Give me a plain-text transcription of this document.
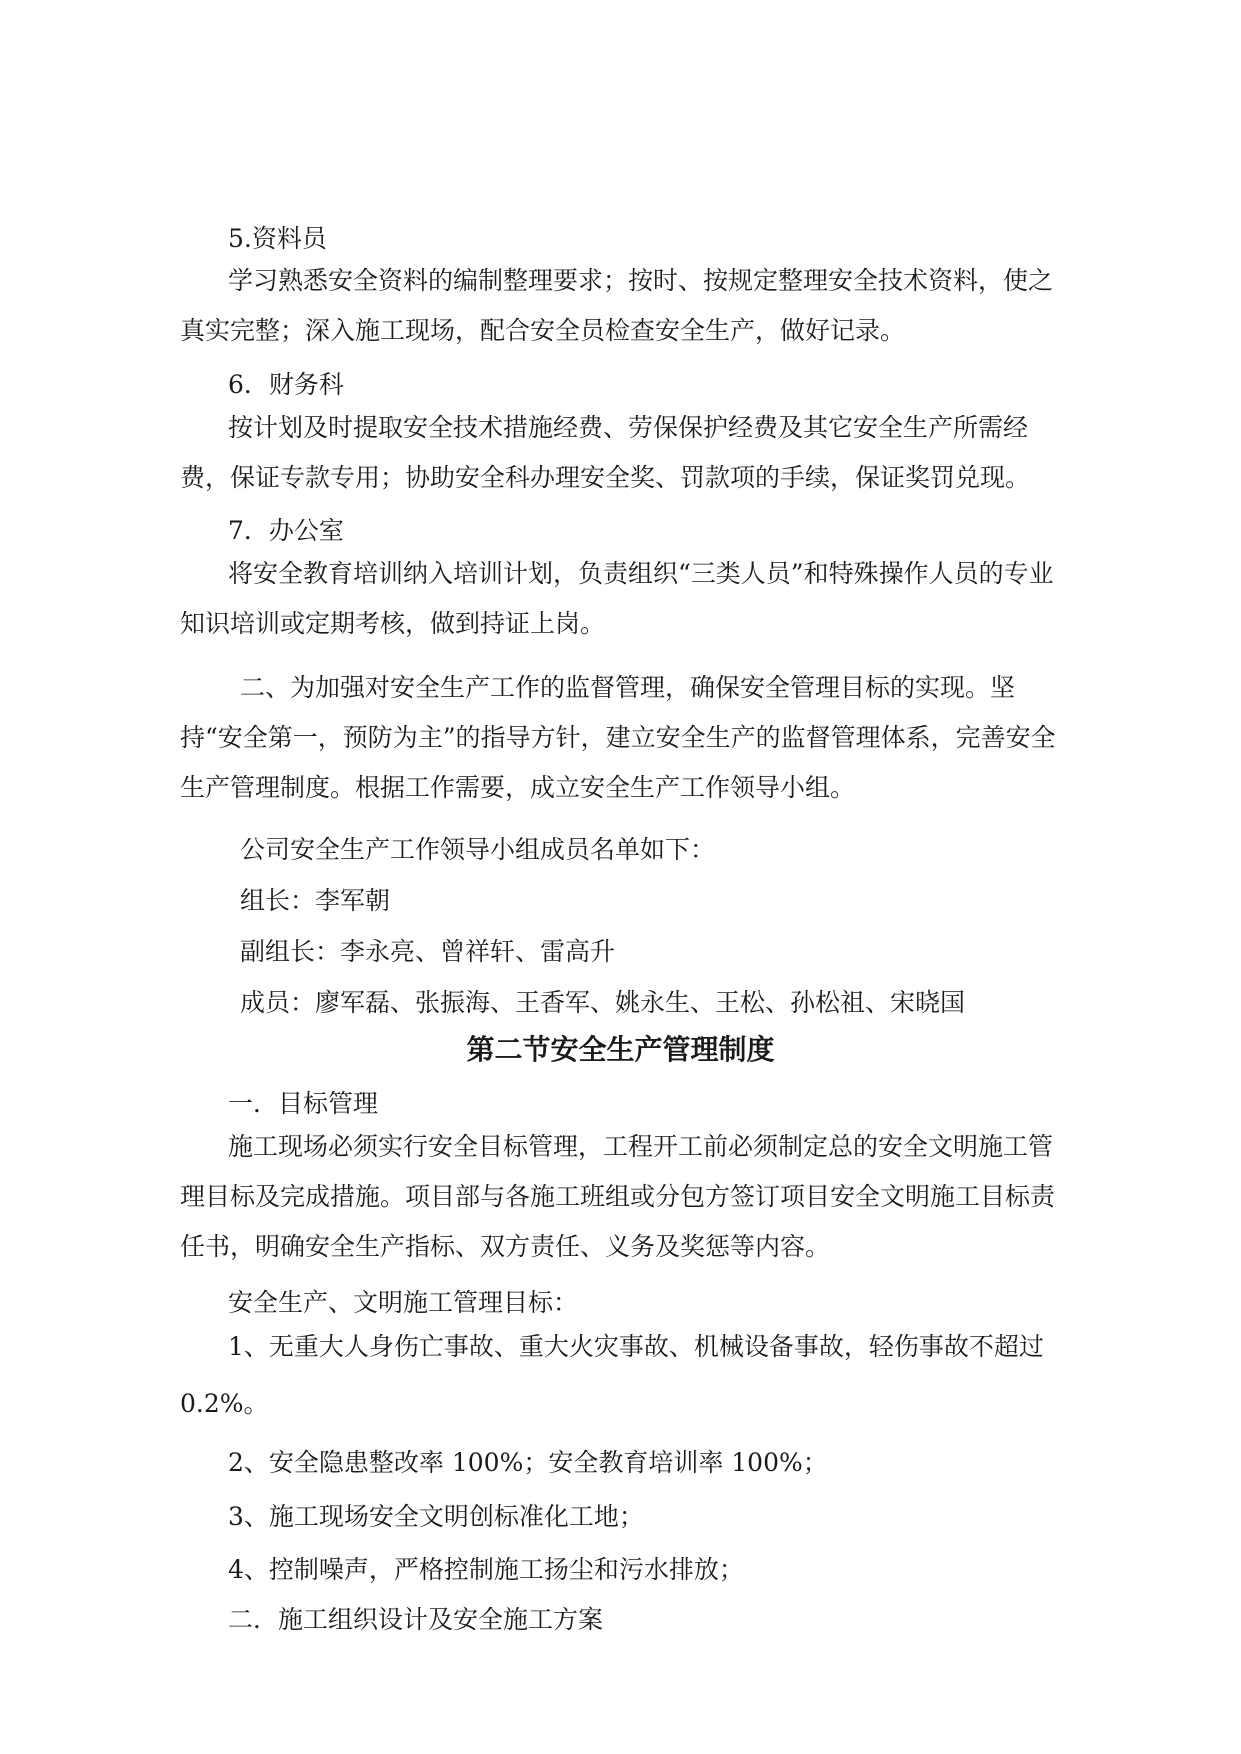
5.资料员

学习熟悉安全资料的编制整理要求；按时、按规定整理安全技术资料，使之真实完整；深入施工现场，配合安全员检查安全生产，做好记录。

6．财务科

按计划及时提取安全技术措施经费、劳保保护经费及其它安全生产所需经费，保证专款专用；协助安全科办理安全奖、罚款项的手续，保证奖罚兑现。

7．办公室

将安全教育培训纳入培训计划，负责组织“三类人员”和特殊操作人员的专业知识培训或定期考核，做到持证上岗。

二、为加强对安全生产工作的监督管理，确保安全管理目标的实现。坚持“安全第一，预防为主”的指导方针，建立安全生产的监督管理体系，完善安全生产管理制度。根据工作需要，成立安全生产工作领导小组。

公司安全生产工作领导小组成员名单如下：

组长：李军朝

副组长：李永亮、曾祥轩、雷高升

成员：廖军磊、张振海、王香军、姚永生、王松、孙松祖、宋晓国

第二节安全生产管理制度

一．目标管理

施工现场必须实行安全目标管理，工程开工前必须制定总的安全文明施工管理目标及完成措施。项目部与各施工班组或分包方签订项目安全文明施工目标责任书，明确安全生产指标、双方责任、义务及奖惩等内容。

安全生产、文明施工管理目标：

1、无重大人身伤亡事故、重大火灾事故、机械设备事故，轻伤事故不超过0.2%。

2、安全隐患整改率 100%；安全教育培训率 100%；

3、施工现场安全文明创标准化工地；

4、控制噪声，严格控制施工扬尘和污水排放；

二．施工组织设计及安全施工方案
